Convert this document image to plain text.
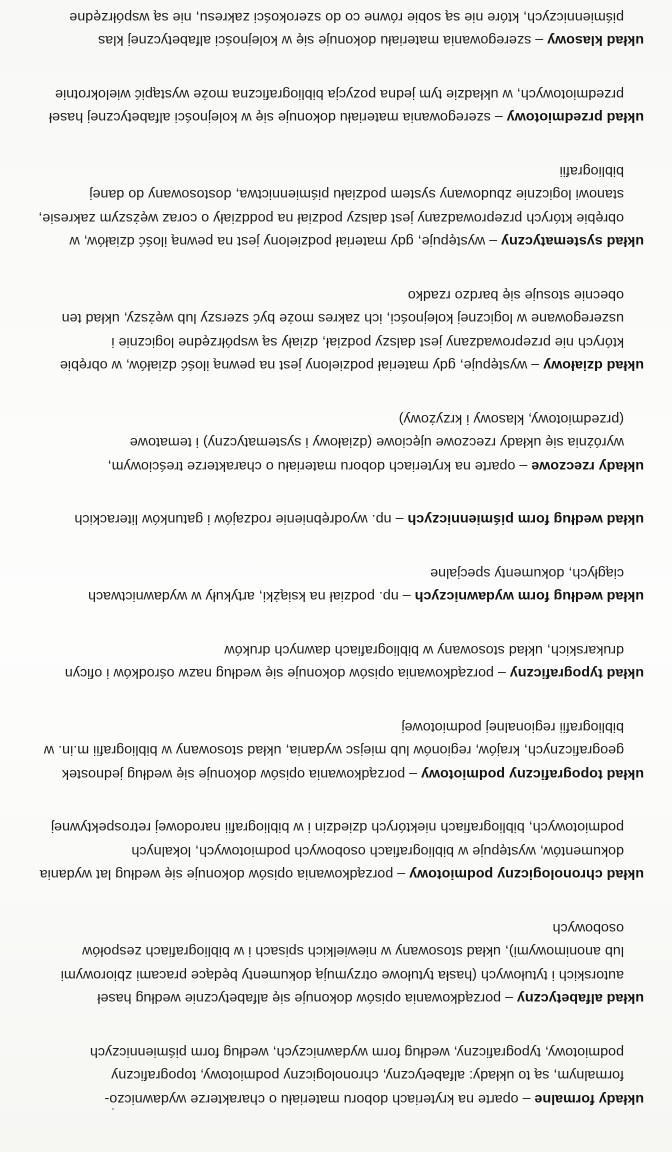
układy formalne – oparte na kryteriach doboru materiału o charakterze wydawniczo-
formalnym, są to układy: alfabetyczny, chronologiczny podmiotowy, topograficzny
podmiotowy, typograficzny, według form wydawniczych, według form piśmienniczych
układ alfabetyczny – porządkowania opisów dokonuje się alfabetycznie według haseł
autorskich i tytułowych (hasła tytułowe otrzymują dokumenty będące pracami zbiorowymi
lub anonimowymi), układ stosowany w niewielkich spisach i w bibliografiach zespołów
osobowych
układ chronologiczny podmiotowy – porządkowania opisów dokonuje się według lat wydania
dokumentów, występuje w bibliografiach osobowych podmiotowych, lokalnych
podmiotowych, bibliografiach niektórych dziedzin i w bibliografii narodowej retrospektywnej
układ topograficzny podmiotowy – porządkowania opisów dokonuje się według jednostek
geograficznych, krajów, regionów lub miejsc wydania, układ stosowany w bibliografii m.in. w
bibliografii regionalnej podmiotowej
układ typograficzny – porządkowania opisów dokonuje się według nazw ośrodków i oficyn
drukarskich, układ stosowany w bibliografiach dawnych druków
układ według form wydawniczych – np. podział na książki, artykuły w wydawnictwach
ciągłych, dokumenty specjalne
układ według form piśmienniczych – np. wyodrębnienie rodzajów i gatunków literackich
układy rzeczowe – oparte na kryteriach doboru materiału o charakterze treściowym,
wyróżnia się układy rzeczowe ujęciowe (działowy i systematyczny) i tematowe
(przedmiotowy, klasowy i krzyżowy)
układ działowy – występuje, gdy materiał podzielony jest na pewną ilość działów, w obrębie
których nie przeprowadzany jest dalszy podział, działy są współrzędne logicznie i
uszeregowane w logicznej kolejności, ich zakres może być szerszy lub węższy, układ ten
obecnie stosuje się bardzo rzadko
układ systematyczny – występuje, gdy materiał podzielony jest na pewną ilość działów, w
obrębie których przeprowadzany jest dalszy podział na poddziały o coraz węższym zakresie,
stanowi logicznie zbudowany system podziału piśmiennictwa, dostosowany do danej
bibliografii
układ przedmiotowy – szeregowania materiału dokonuje się w kolejności alfabetycznej haseł
przedmiotowych, w układzie tym jedna pozycja bibliograficzna może wystąpić wielokrotnie
układ klasowy – szeregowania materiału dokonuje się w kolejności alfabetycznej klas
piśmienniczych, które nie są sobie równe co do szerokości zakresu, nie są współrzędne
